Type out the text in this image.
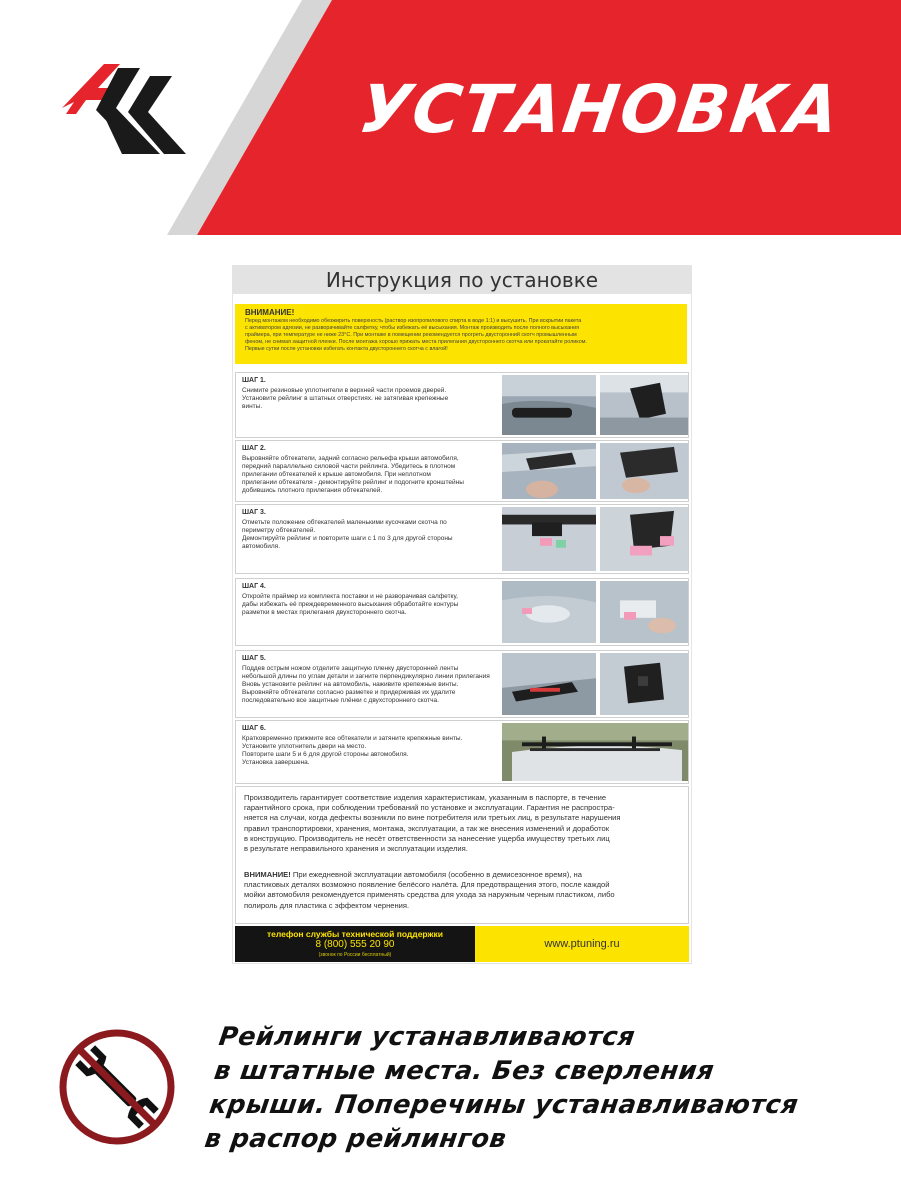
УСТАНОВКА
Инструкция по установке
ВНИМАНИЕ!
Перед монтажом необходимо обезжирить поверхность (раствор изопропилового спирта в воде 1:1) и высушить. При вскрытии пакета
с активатором адгезии, не разворачивайте салфетку, чтобы избежать её высыхания. Монтаж производить после полного высыхания
праймера, при температуре не ниже 23°С. При монтаже в помещении рекомендуется прогреть двусторонний скотч промышленным
феном, не снимая защитной пленки. После монтажа хорошо прижать места прилегания двустороннего скотча или прокатайте роликом.
Первые сутки после установки избегать контакта двустороннего скотча с влагой!
ШАГ 1.
Снимите резиновые уплотнители в верхней части проемов дверей.
Установите рейлинг в штатных отверстиях. не затягивая крепежные
винты.
ШАГ 2.
Выровняйте обтекатели, задний согласно рельефа крыши автомобиля,
передний параллельно силовой части рейлинга. Убедитесь в плотном
прилегании обтекателей к крыше автомобиля. При неплотном
прилегании обтекателя - демонтируйте рейлинг и подогните кронштейны
добившись плотного прилегания обтекателей.
ШАГ 3.
Отметьте положение обтекателей маленькими кусочками скотча по
периметру обтекателей.
Демонтируйте рейлинг и повторите шаги с 1 по 3 для другой стороны
автомобиля.
ШАГ 4.
Откройте праймер из комплекта поставки и не разворачивая салфетку,
дабы избежать её преждевременного высыхания обработайте контуры
разметки в местах прилегания двухстороннего скотча.
ШАГ 5.
Поддев острым ножом отделите защитную пленку двусторонней ленты
небольшой длины по углам детали и загните перпендикулярно линии прилегания
Вновь установите рейлинг на автомобиль, наживите крепежные винты.
Выровняйте обтекатели согласно разметке и придерживая их удалите
последовательно все защитные плёнки с двухстороннего скотча.
ШАГ 6.
Кратковременно прижмите все обтекатели и затяните крепежные винты.
Установите уплотнитель двери на место.
Повторите шаги 5 и 6 для другой стороны автомобиля.
Установка завершена.
Производитель гарантирует соответствие изделия характеристикам, указанным в паспорте, в течение
гарантийного срока, при соблюдении требований по установке и эксплуатации. Гарантия не распростра-
няется на случаи, когда дефекты возникли по вине потребителя или третьих лиц, в результате нарушения
правил транспортировки, хранения, монтажа, эксплуатации, а так же внесения изменений и доработок
в конструкцию. Производитель не несёт ответственности за нанесение ущерба имуществу третьих лиц
в результате неправильного хранения и эксплуатации изделия.
ВНИМАНИЕ! При ежедневной эксплуатации автомобиля (особенно в демисезонное время), на
пластиковых деталях возможно появление белёсого налёта. Для предотвращения этого, после каждой
мойки автомобиля рекомендуется применять средства для ухода за наружным черным пластиком, либо
полироль для пластика с эффектом чернения.
телефон службы технической поддержки
8 (800) 555 20 90
(звонок по России бесплатный)
www.ptuning.ru
Рейлинги устанавливаются
в штатные места. Без сверления
крыши. Поперечины устанавливаются
в распор рейлингов
